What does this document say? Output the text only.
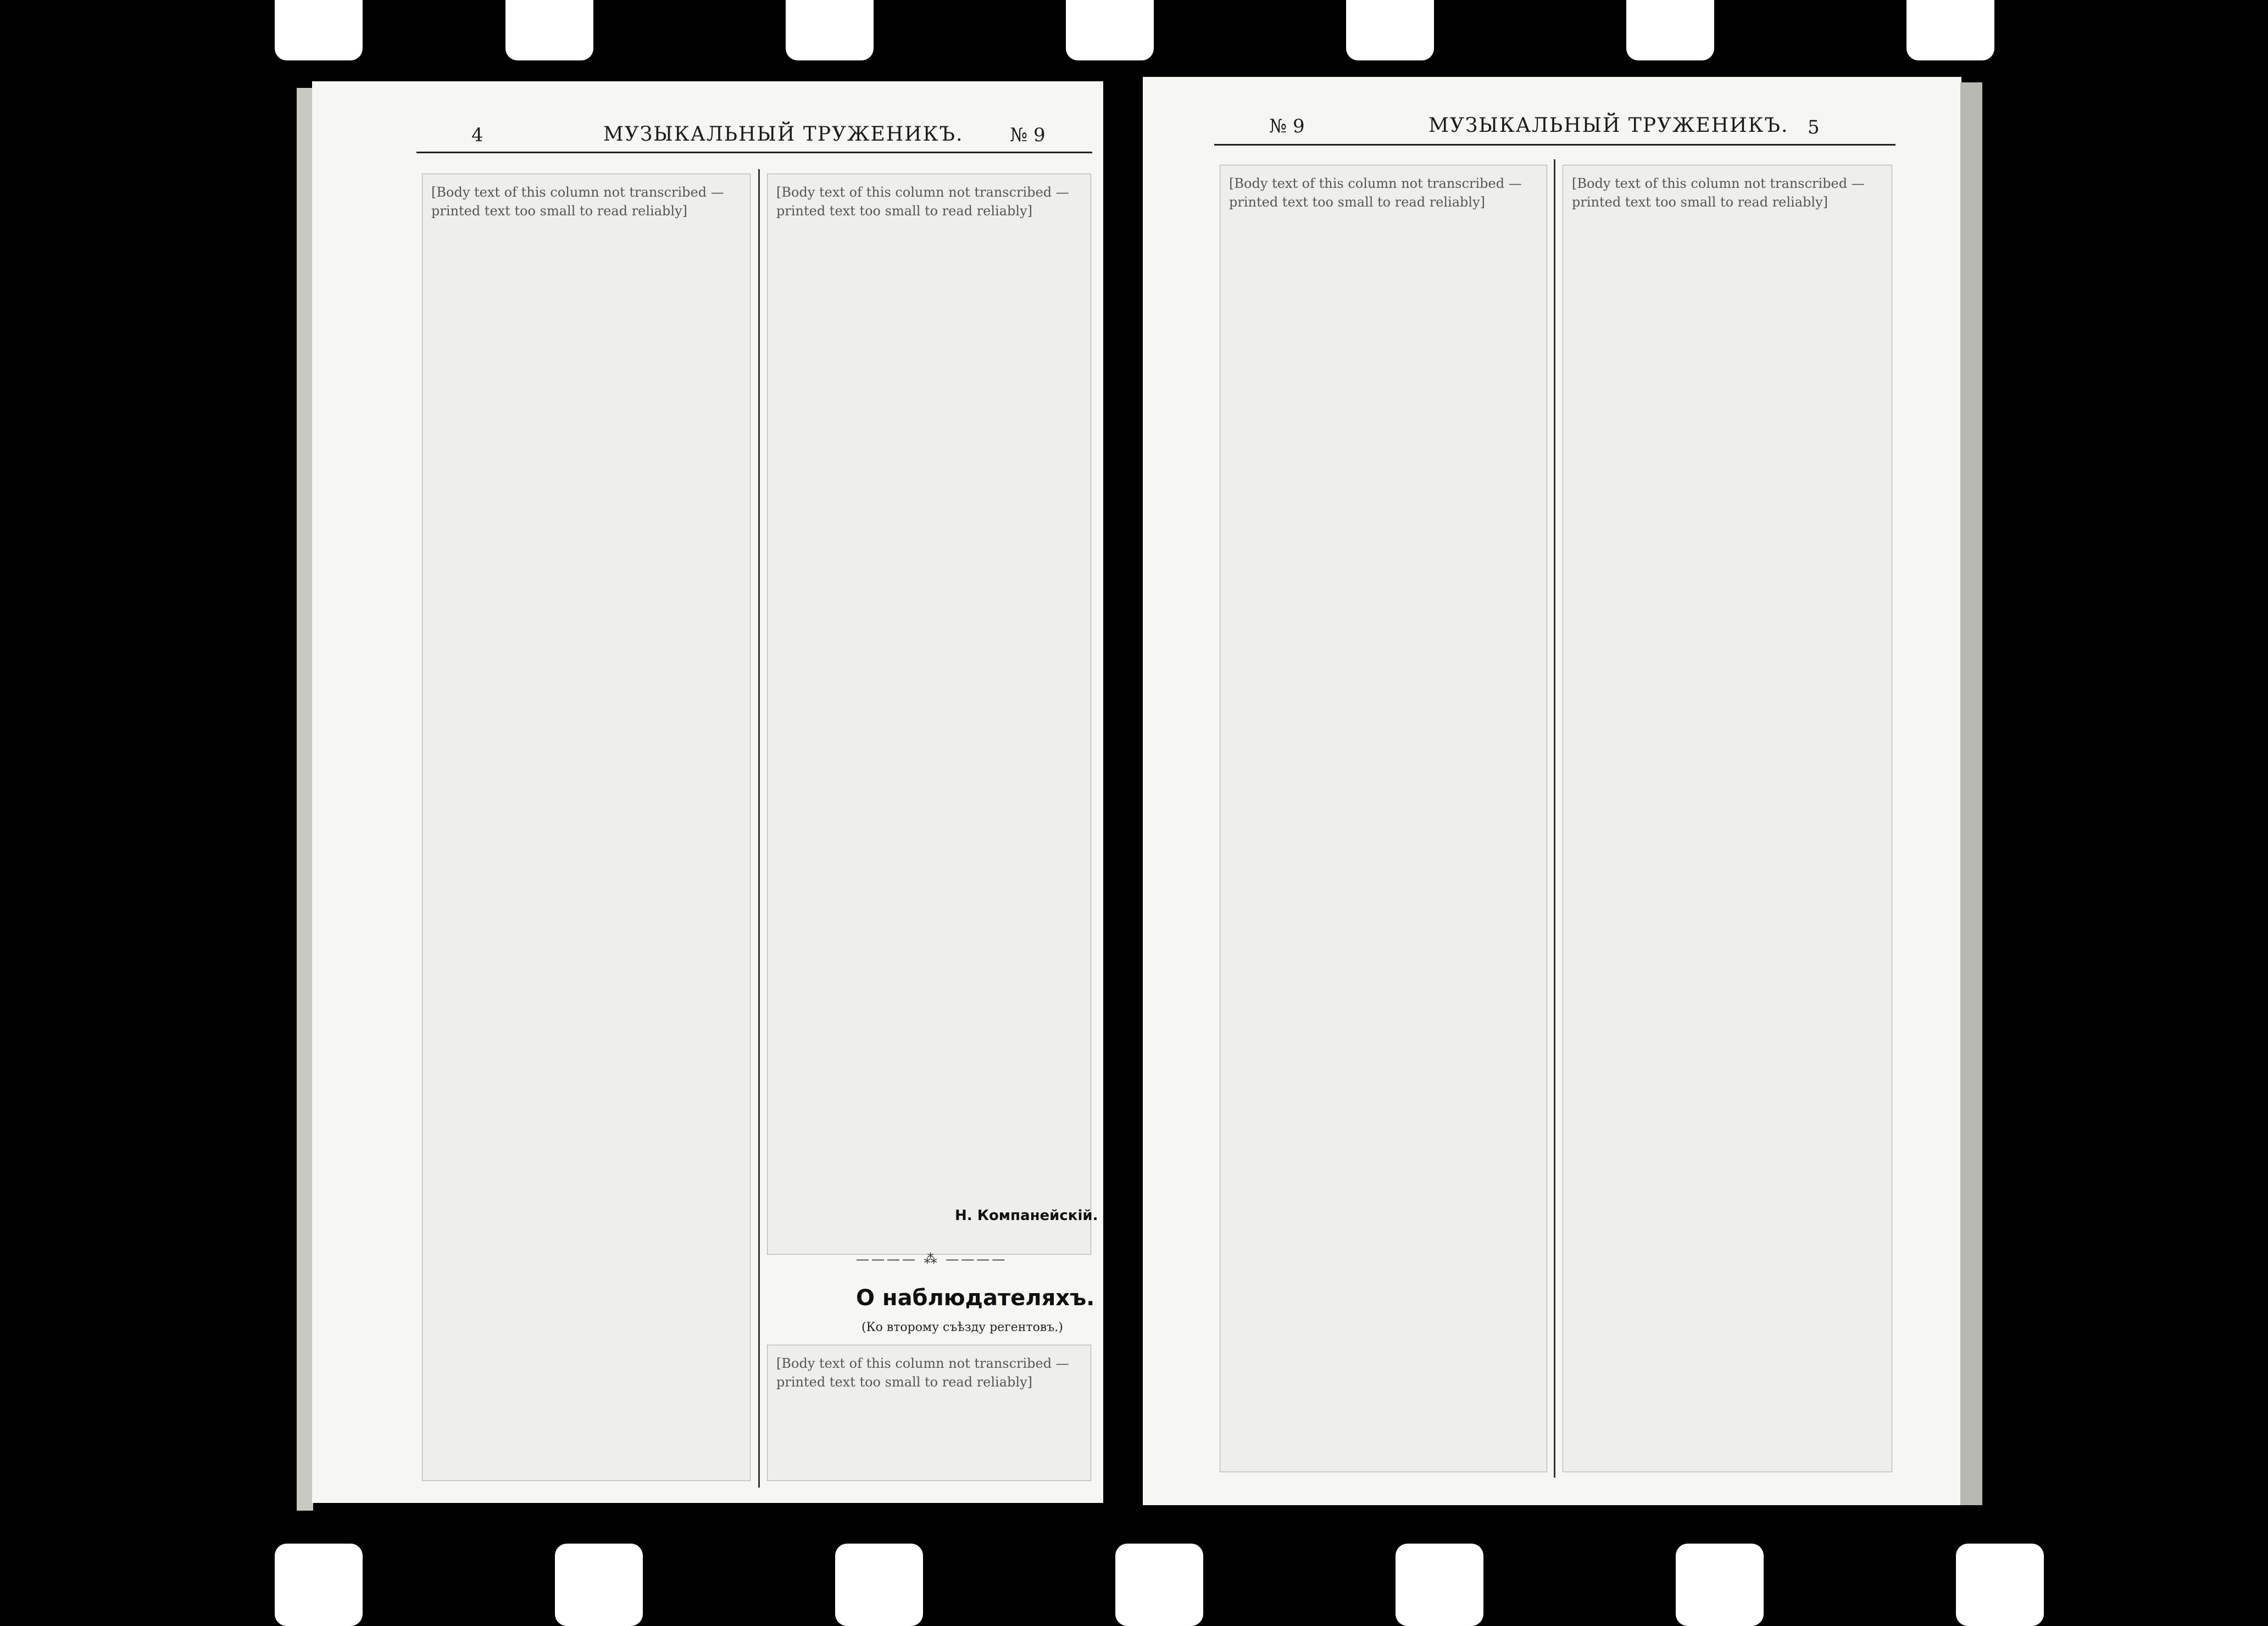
4	МУЗЫКАЛЬНЫЙ ТРУЖЕНИКЪ. № 9
[Body text of this column not transcribed — printed text too small to read reliably]
[Body text of this column not transcribed — printed text too small to read reliably]
Н. Компанейскiй.
———— ⁂ ————
О наблюдателяхъ.
(Ко второму съѣзду регентовъ.)
[Body text of this column not transcribed — printed text too small to read reliably]
№ 9	МУЗЫКАЛЬНЫЙ ТРУЖЕНИКЪ. 5
[Body text of this column not transcribed — printed text too small to read reliably]
[Body text of this column not transcribed — printed text too small to read reliably]
